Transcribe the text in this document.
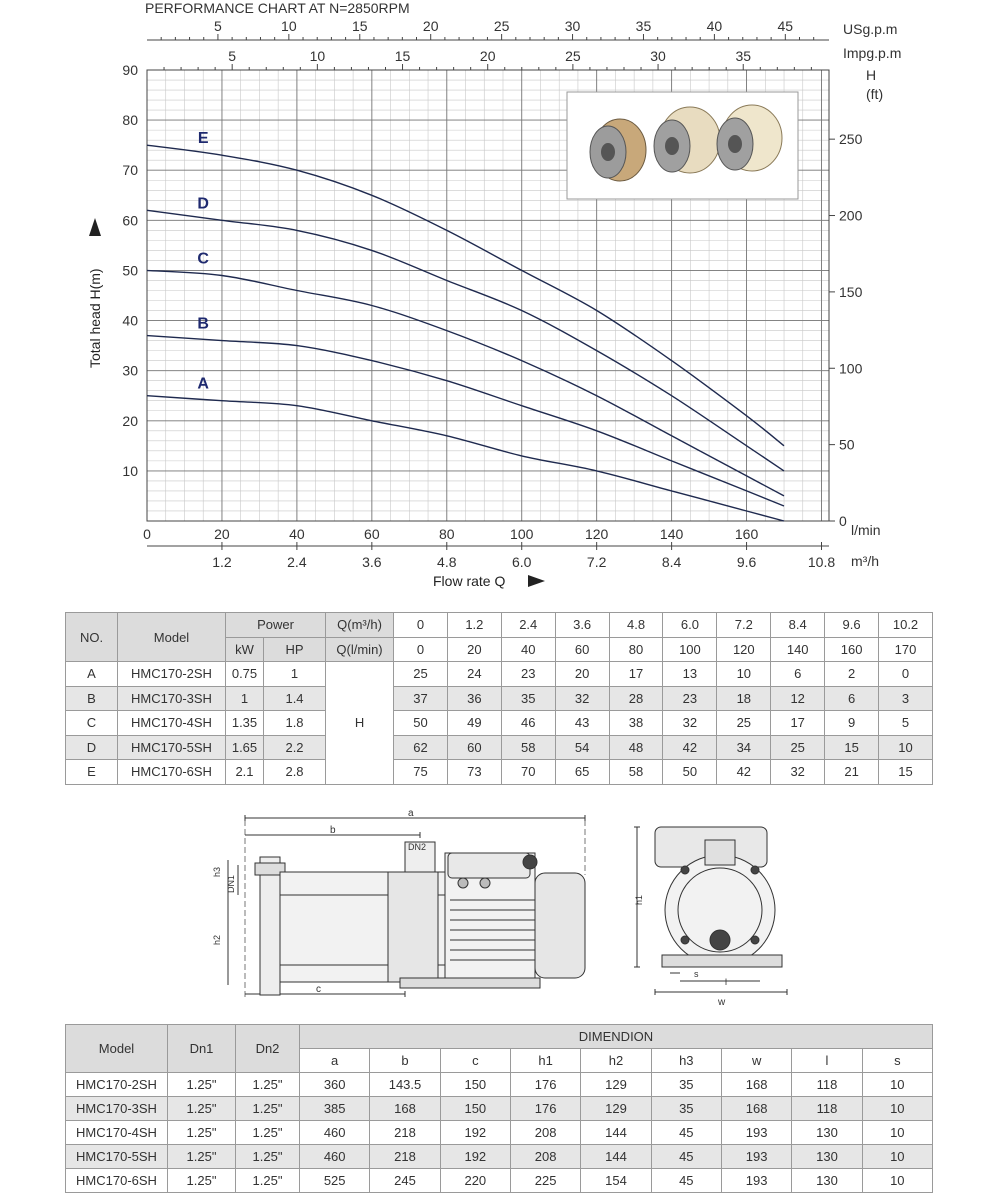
PERFORMANCE CHART AT N=2850RPM
USg.p.m
Impg.p.m
H
(ft)
5	10	15	20	25	30	35	40	45
5	10	15	20	25	30	35
0
50
100
150
200
250
10
20
30
40
50
60
70
80
90
0	20	40	60	80	100	120	140	160
1.2	2.4	3.6	4.8	6.0	7.2	8.4	9.6	10.8
l/min
m³/h
Flow rate Q
Total head H(m)
A
B
C
D
E
NO.	Model	Power		Q(m³/h)	0	1.2	2.4	3.6	4.8	6.0	7.2	8.4	9.6	10.2
		kW	HP	Q(l/min)	0	20	40	60	80	100	120	140	160	170
A	HMC170-2SH	0.75	1	H	25	24	23	20	17	13	10	6	2	0
B	HMC170-3SH	1	1.4		37	36	35	32	28	23	18	12	6	3
C	HMC170-4SH	1.35	1.8		50	49	46	43	38	32	25	17	9	5
D	HMC170-5SH	1.65	2.2		62	60	58	54	48	42	34	25	15	10
E	HMC170-6SH	2.1	2.8		75	73	70	65	58	50	42	32	21	15
a
b
c
DN2
h3
DN1
h2
h1
s
l
w
Model	Dn1	Dn2	DIMENDION								
			a	b	c	h1	h2	h3	w	l	s
HMC170-2SH	1.25"	1.25"	360	143.5	150	176	129	35	168	118	10
HMC170-3SH	1.25"	1.25"	385	168	150	176	129	35	168	118	10
HMC170-4SH	1.25"	1.25"	460	218	192	208	144	45	193	130	10
HMC170-5SH	1.25"	1.25"	460	218	192	208	144	45	193	130	10
HMC170-6SH	1.25"	1.25"	525	245	220	225	154	45	193	130	10
